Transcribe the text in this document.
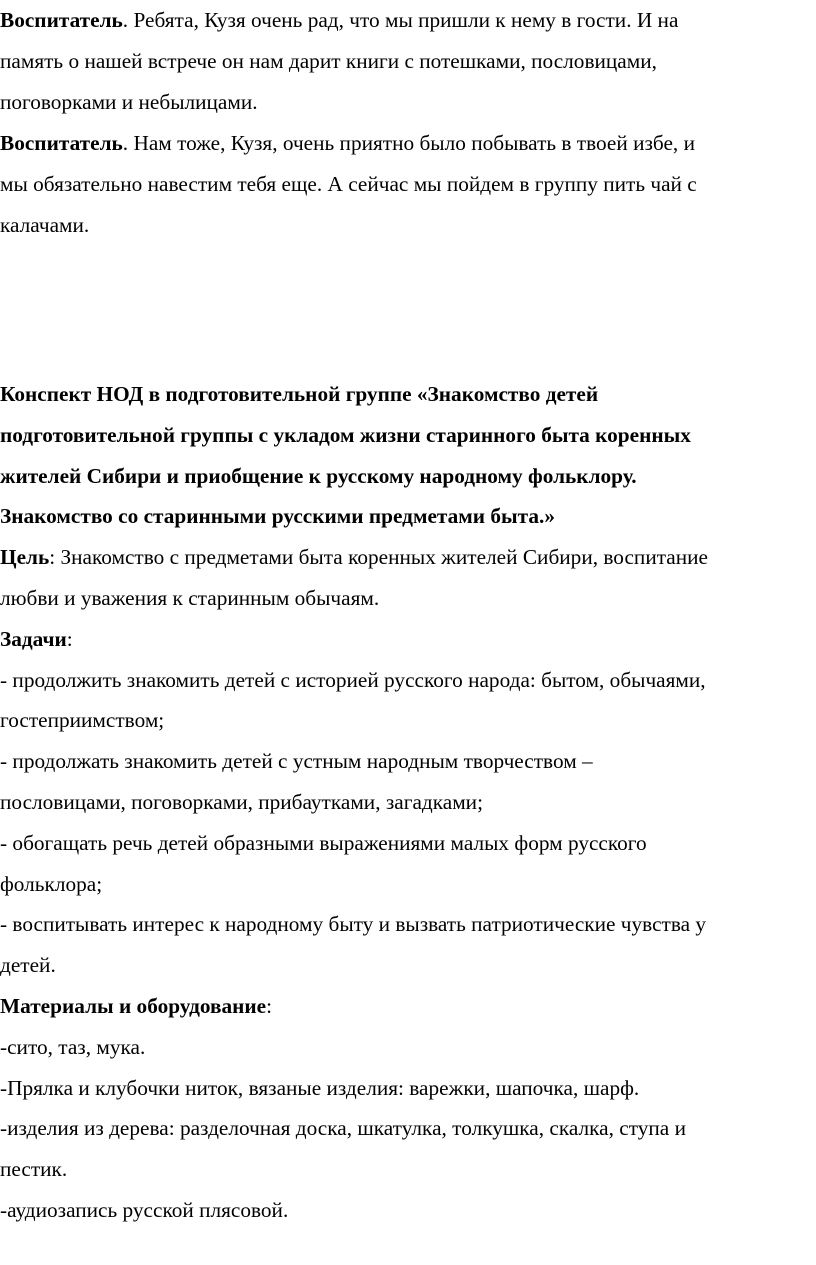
Воспитатель. Ребята, Кузя очень рад, что мы пришли к нему в гости. И на
память о нашей встрече он нам дарит книги с потешками, пословицами,
поговорками и небылицами.
Воспитатель. Нам тоже, Кузя, очень приятно было побывать в твоей избе, и
мы обязательно навестим тебя еще. А сейчас мы пойдем в группу пить чай с
калачами.
Конспект НОД в подготовительной группе «Знакомство детей
подготовительной группы с укладом жизни старинного быта коренных
жителей Сибири и приобщение к русскому народному фольклору.
Знакомство со старинными русскими предметами быта.»
Цель: Знакомство с предметами быта коренных жителей Сибири, воспитание
любви и уважения к старинным обычаям.
Задачи:
- продолжить знакомить детей с историей русского народа: бытом, обычаями,
гостеприимством;
- продолжать знакомить детей с устным народным творчеством –
пословицами, поговорками, прибаутками, загадками;
- обогащать речь детей образными выражениями малых форм русского
фольклора;
- воспитывать интерес к народному быту и вызвать патриотические чувства у
детей.
Материалы и оборудование:
-сито, таз, мука.
-Прялка и клубочки ниток, вязаные изделия: варежки, шапочка, шарф.
-изделия из дерева: разделочная доска, шкатулка, толкушка, скалка, ступа и
пестик.
-аудиозапись русской плясовой.
